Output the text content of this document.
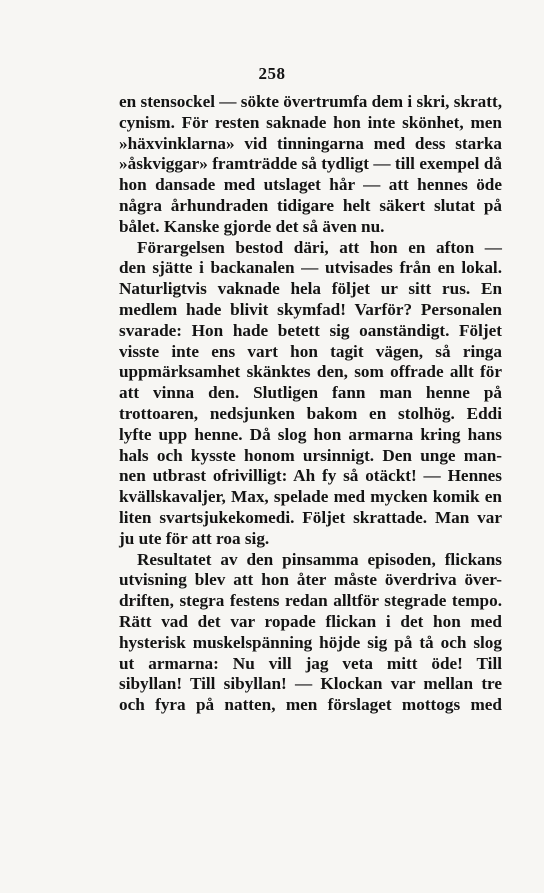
258
en stensockel — sökte övertrumfa dem i skri, skratt,
cynism. För resten saknade hon inte skönhet, men
»häxvinklarna» vid tinningarna med dess starka
»åskviggar» framträdde så tydligt — till exempel då
hon dansade med utslaget hår — att hennes öde
några århundraden tidigare helt säkert slutat på
bålet. Kanske gjorde det så även nu.
Förargelsen bestod däri, att hon en afton —
den sjätte i backanalen — utvisades från en lokal.
Naturligtvis vaknade hela följet ur sitt rus. En
medlem hade blivit skymfad! Varför? Personalen
svarade: Hon hade betett sig oanständigt. Följet
visste inte ens vart hon tagit vägen, så ringa
uppmärksamhet skänktes den, som offrade allt för
att vinna den. Slutligen fann man henne på
trottoaren, nedsjunken bakom en stolhög. Eddi
lyfte upp henne. Då slog hon armarna kring hans
hals och kysste honom ursinnigt. Den unge man-
nen utbrast ofrivilligt: Ah fy så otäckt! — Hennes
kvällskavaljer, Max, spelade med mycken komik en
liten svartsjukekomedi. Följet skrattade. Man var
ju ute för att roa sig.
Resultatet av den pinsamma episoden, flickans
utvisning blev att hon åter måste överdriva över-
driften, stegra festens redan alltför stegrade tempo.
Rätt vad det var ropade flickan i det hon med
hysterisk muskelspänning höjde sig på tå och slog
ut armarna: Nu vill jag veta mitt öde! Till
sibyllan! Till sibyllan! — Klockan var mellan tre
och fyra på natten, men förslaget mottogs med
